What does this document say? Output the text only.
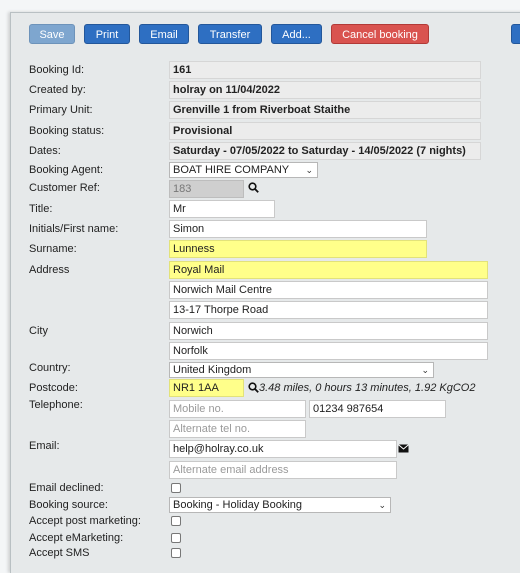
Save	Print	Email	Transfer	Add...	Cancel booking
Booking Id:	161
Created by:	holray on 11/04/2022
Primary Unit:	Grenville 1 from Riverboat Staithe
Booking status:	Provisional
Dates:	Saturday - 07/05/2022 to Saturday - 14/05/2022 (7 nights)
Booking Agent:	BOAT HIRE COMPANY ⌄
Customer Ref:	183
Title:	Mr
Initials/First name:	Simon
Surname:	Lunness
Address	Royal Mail
Norwich Mail Centre
13-17 Thorpe Road
City	Norwich
Norfolk
Country:	United Kingdom	⌄
Postcode:	NR1 1AA	3.48 miles, 0 hours 13 minutes, 1.92 KgCO2
Telephone:	Mobile no.	01234 987654
Alternate tel no.
Email:	help@holray.co.uk
Alternate email address
Email declined:
Booking source:	Booking - Holiday Booking	⌄
Accept post marketing:
Accept eMarketing:
Accept SMS
